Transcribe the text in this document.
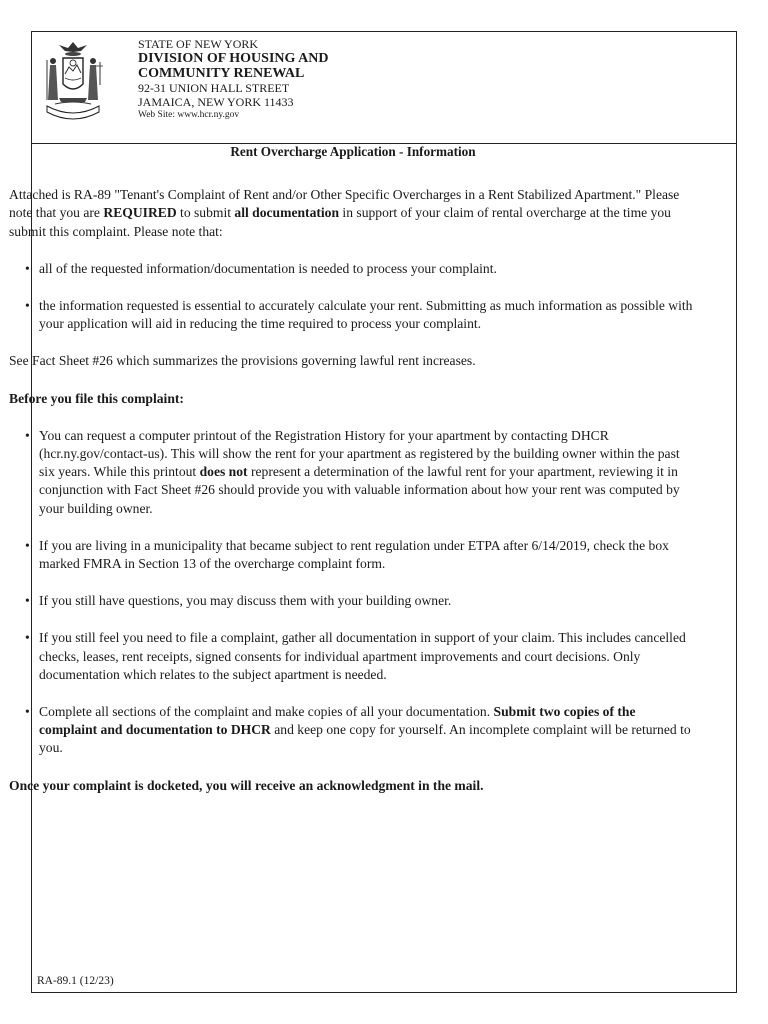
STATE OF NEW YORK
DIVISION OF HOUSING AND
COMMUNITY RENEWAL
92-31 UNION HALL STREET
JAMAICA, NEW YORK 11433
Web Site: www.hcr.ny.gov
RA-89.1 (12/23)
Rent Overcharge Application - Information

Attached is RA-89 "Tenant's Complaint of Rent and/or Other Specific Overcharges in a Rent Stabilized Apartment." Please note that you are REQUIRED to submit all documentation in support of your claim of rental overcharge at the time you submit this complaint. Please note that:

• all of the requested information/documentation is needed to process your complaint.
• the information requested is essential to accurately calculate your rent. Submitting as much information as possible with your application will aid in reducing the time required to process your complaint.

See Fact Sheet #26 which summarizes the provisions governing lawful rent increases.

Before you file this complaint:

• You can request a computer printout of the Registration History for your apartment by contacting DHCR (hcr.ny.gov/contact-us). This will show the rent for your apartment as registered by the building owner within the past six years. While this printout does not represent a determination of the lawful rent for your apartment, reviewing it in conjunction with Fact Sheet #26 should provide you with valuable information about how your rent was computed by your building owner.
• If you are living in a municipality that became subject to rent regulation under ETPA after 6/14/2019, check the box marked FMRA in Section 13 of the overcharge complaint form.
• If you still have questions, you may discuss them with your building owner.
• If you still feel you need to file a complaint, gather all documentation in support of your claim. This includes cancelled checks, leases, rent receipts, signed consents for individual apartment improvements and court decisions. Only documentation which relates to the subject apartment is needed.
• Complete all sections of the complaint and make copies of all your documentation. Submit two copies of the complaint and documentation to DHCR and keep one copy for yourself. An incomplete complaint will be returned to you.

Once your complaint is docketed, you will receive an acknowledgment in the mail.
